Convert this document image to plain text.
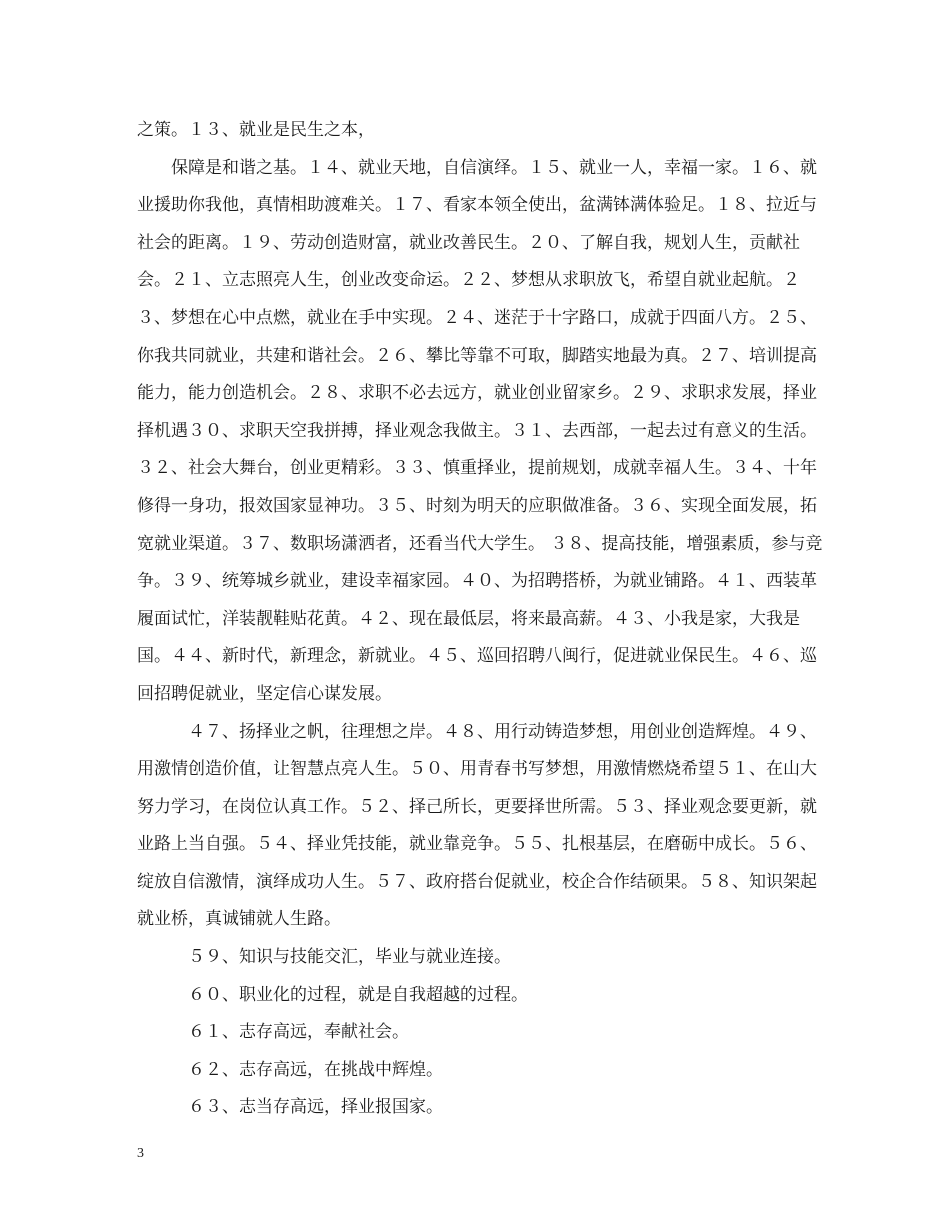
之策。１３、就业是民生之本，

保障是和谐之基。１４、就业天地，自信演绎。１５、就业一人，幸福一家。１６、就业援助你我他，真情相助渡难关。１７、看家本领全使出，盆满钵满体验足。１８、拉近与社会的距离。１９、劳动创造财富，就业改善民生。２０、了解自我，规划人生，贡献社会。２１、立志照亮人生，创业改变命运。２２、梦想从求职放飞，希望自就业起航。２３、梦想在心中点燃，就业在手中实现。２４、迷茫于十字路口，成就于四面八方。２５、你我共同就业，共建和谐社会。２６、攀比等靠不可取，脚踏实地最为真。２７、培训提高能力，能力创造机会。２８、求职不必去远方，就业创业留家乡。２９、求职求发展，择业择机遇３０、求职天空我拼搏，择业观念我做主。３１、去西部，一起去过有意义的生活。３２、社会大舞台，创业更精彩。３３、慎重择业，提前规划，成就幸福人生。３４、十年修得一身功，报效国家显神功。３５、时刻为明天的应职做准备。３６、实现全面发展，拓宽就业渠道。３７、数职场潇洒者，还看当代大学生。 ３８、提高技能，增强素质，参与竞争。３９、统筹城乡就业，建设幸福家园。４０、为招聘搭桥，为就业铺路。４１、西装革履面试忙，洋装靓鞋贴花黄。４２、现在最低层，将来最高薪。４３、小我是家，大我是国。４４、新时代，新理念，新就业。４５、巡回招聘八闽行，促进就业保民生。４６、巡回招聘促就业，坚定信心谋发展。

４７、扬择业之帆，往理想之岸。４８、用行动铸造梦想，用创业创造辉煌。４９、用激情创造价值，让智慧点亮人生。５０、用青春书写梦想，用激情燃烧希望５１、在山大努力学习，在岗位认真工作。５２、择己所长，更要择世所需。５３、择业观念要更新，就业路上当自强。５４、择业凭技能，就业靠竞争。５５、扎根基层，在磨砺中成长。５６、绽放自信激情，演绎成功人生。５７、政府搭台促就业，校企合作结硕果。５８、知识架起就业桥，真诚铺就人生路。

５９、知识与技能交汇，毕业与就业连接。

６０、职业化的过程，就是自我超越的过程。

６１、志存高远，奉献社会。

６２、志存高远，在挑战中辉煌。

６３、志当存高远，择业报国家。

3
